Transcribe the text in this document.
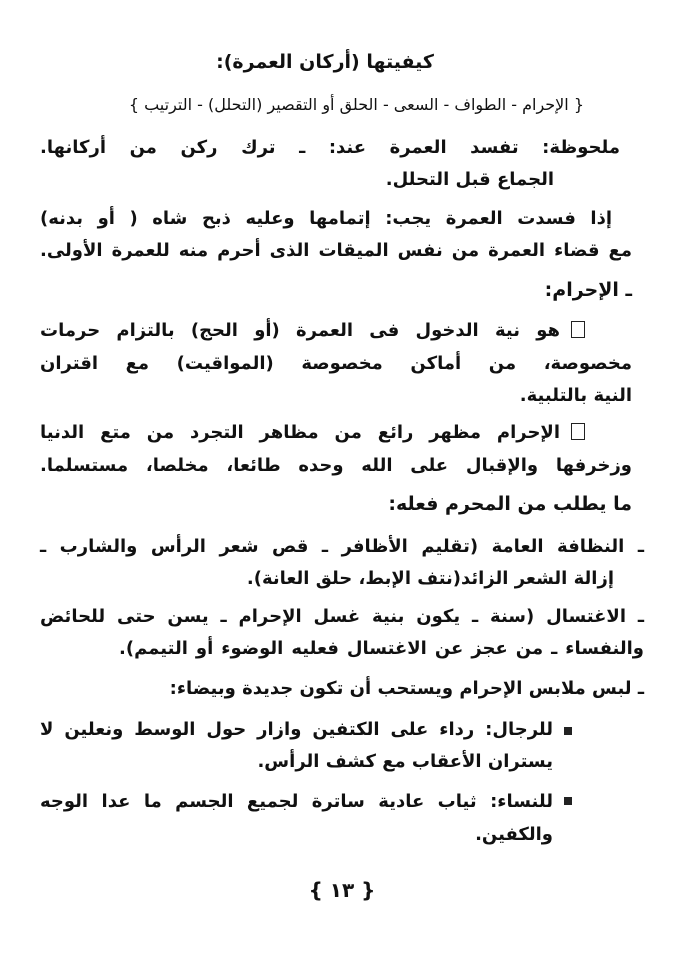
كيفيتها (أركان العمرة):
{ الإحرام - الطواف - السعى - الحلق أو التقصير (التحلل) - الترتيب }
ملحوظة: تفسد العمرة عند: ـ ترك ركن من أركانها.
الجماع قبل التحلل.
إذا فسدت العمرة يجب: إتمامها وعليه ذبح شاه ( أو بدنه)
مع قضاء العمرة من نفس الميقات الذى أحرم منه للعمرة الأولى.
ـ الإحرام:
هو نية الدخول فى العمرة (أو الحج) بالتزام حرمات
مخصوصة، من أماكن مخصوصة (المواقيت) مع اقتران
النية بالتلبية.
الإحرام مظهر رائع من مظاهر التجرد من متع الدنيا
وزخرفها والإقبال على الله وحده طائعا، مخلصا، مستسلما.
ما يطلب من المحرم فعله:
ـ النظافة العامة (تقليم الأظافر ـ قص شعر الرأس والشارب ـ
إزالة الشعر الزائد(نتف الإبط، حلق العانة).
ـ الاغتسال (سنة ـ يكون بنية غسل الإحرام ـ يسن حتى للحائض
والنفساء ـ من عجز عن الاغتسال فعليه الوضوء أو التيمم).
ـ لبس ملابس الإحرام ويستحب أن تكون جديدة وبيضاء:
للرجال: رداء على الكتفين وازار حول الوسط ونعلين لا
يستران الأعقاب مع كشف الرأس.
للنساء: ثياب عادية ساترة لجميع الجسم ما عدا الوجه
والكفين.
{ ١٣ }
